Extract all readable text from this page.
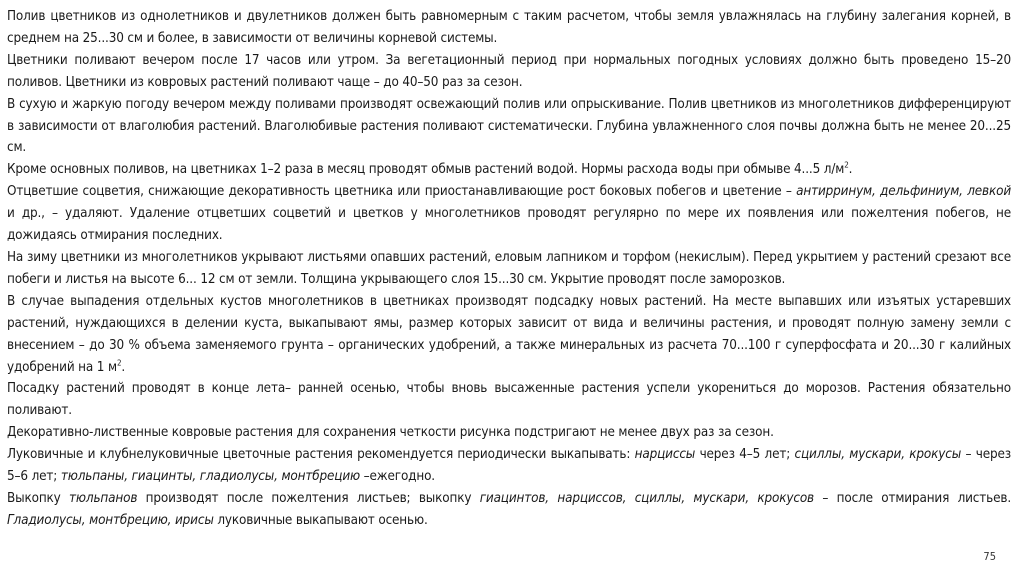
Полив цветников из однолетников и двулетников должен быть равномерным с таким расчетом, чтобы земля увлажнялась на глубину залегания корней, в среднем на 25...30 см и более, в зависимости от величины корневой системы.

Цветники поливают вечером после 17 часов или утром. За вегетационный период при нормальных погодных условиях должно быть проведено 15–20 поливов. Цветники из ковровых растений поливают чаще – до 40–50 раз за сезон.

В сухую и жаркую погоду вечером между поливами производят освежающий полив или опрыскивание. Полив цветников из многолетников дифференцируют в зависимости от влаголюбия растений. Влаголюбивые растения поливают систематически. Глубина увлажненного слоя почвы должна быть не менее 20...25 см.

Кроме основных поливов, на цветниках 1–2 раза в месяц проводят обмыв растений водой. Нормы расхода воды при обмыве 4...5 $л/м^2$.

Отцветшие соцветия, снижающие декоративность цветника или приостанавливающие рост боковых побегов и цветение – антирринум, дельфиниум, левкой и др., – удаляют. Удаление отцветших соцветий и цветков у многолетников проводят регулярно по мере их появления или пожелтения побегов, не дожидаясь отмирания последних.

На зиму цветники из многолетников укрывают листьями опавших растений, еловым лапником и торфом (некислым). Перед укрытием у растений срезают все побеги и листья на высоте 6... 12 см от земли. Толщина укрывающего слоя 15...30 см. Укрытие проводят после заморозков.

В случае выпадения отдельных кустов многолетников в цветниках производят подсадку новых растений. На месте выпавших или изъятых устаревших растений, нуждающихся в делении куста, выкапывают ямы, размер которых зависит от вида и величины растения, и проводят полную замену земли с внесением – до 30 % объема заменяемого грунта – органических удобрений, а также минеральных из расчета 70...100 г суперфосфата и 20...30 г калийных удобрений на 1 $м^2$.

Посадку растений проводят в конце лета– ранней осенью, чтобы вновь высаженные растения успели укорениться до морозов. Растения обязательно поливают.

Декоративно-лиственные ковровые растения для сохранения четкости рисунка подстригают не менее двух раз за сезон.

Луковичные и клубнелуковичные цветочные растения рекомендуется периодически выкапывать: нарциссы через 4–5 лет; сциллы, мускари, крокусы – через 5–6 лет; тюльпаны, гиацинты, гладиолусы, монтбрецию –ежегодно.

Выкопку тюльпанов производят после пожелтения листьев; выкопку гиацинтов, нарциссов, сциллы, мускари, крокусов – после отмирания листьев. Гладиолусы, монтбрецию, ирисы луковичные выкапывают осенью.

75
